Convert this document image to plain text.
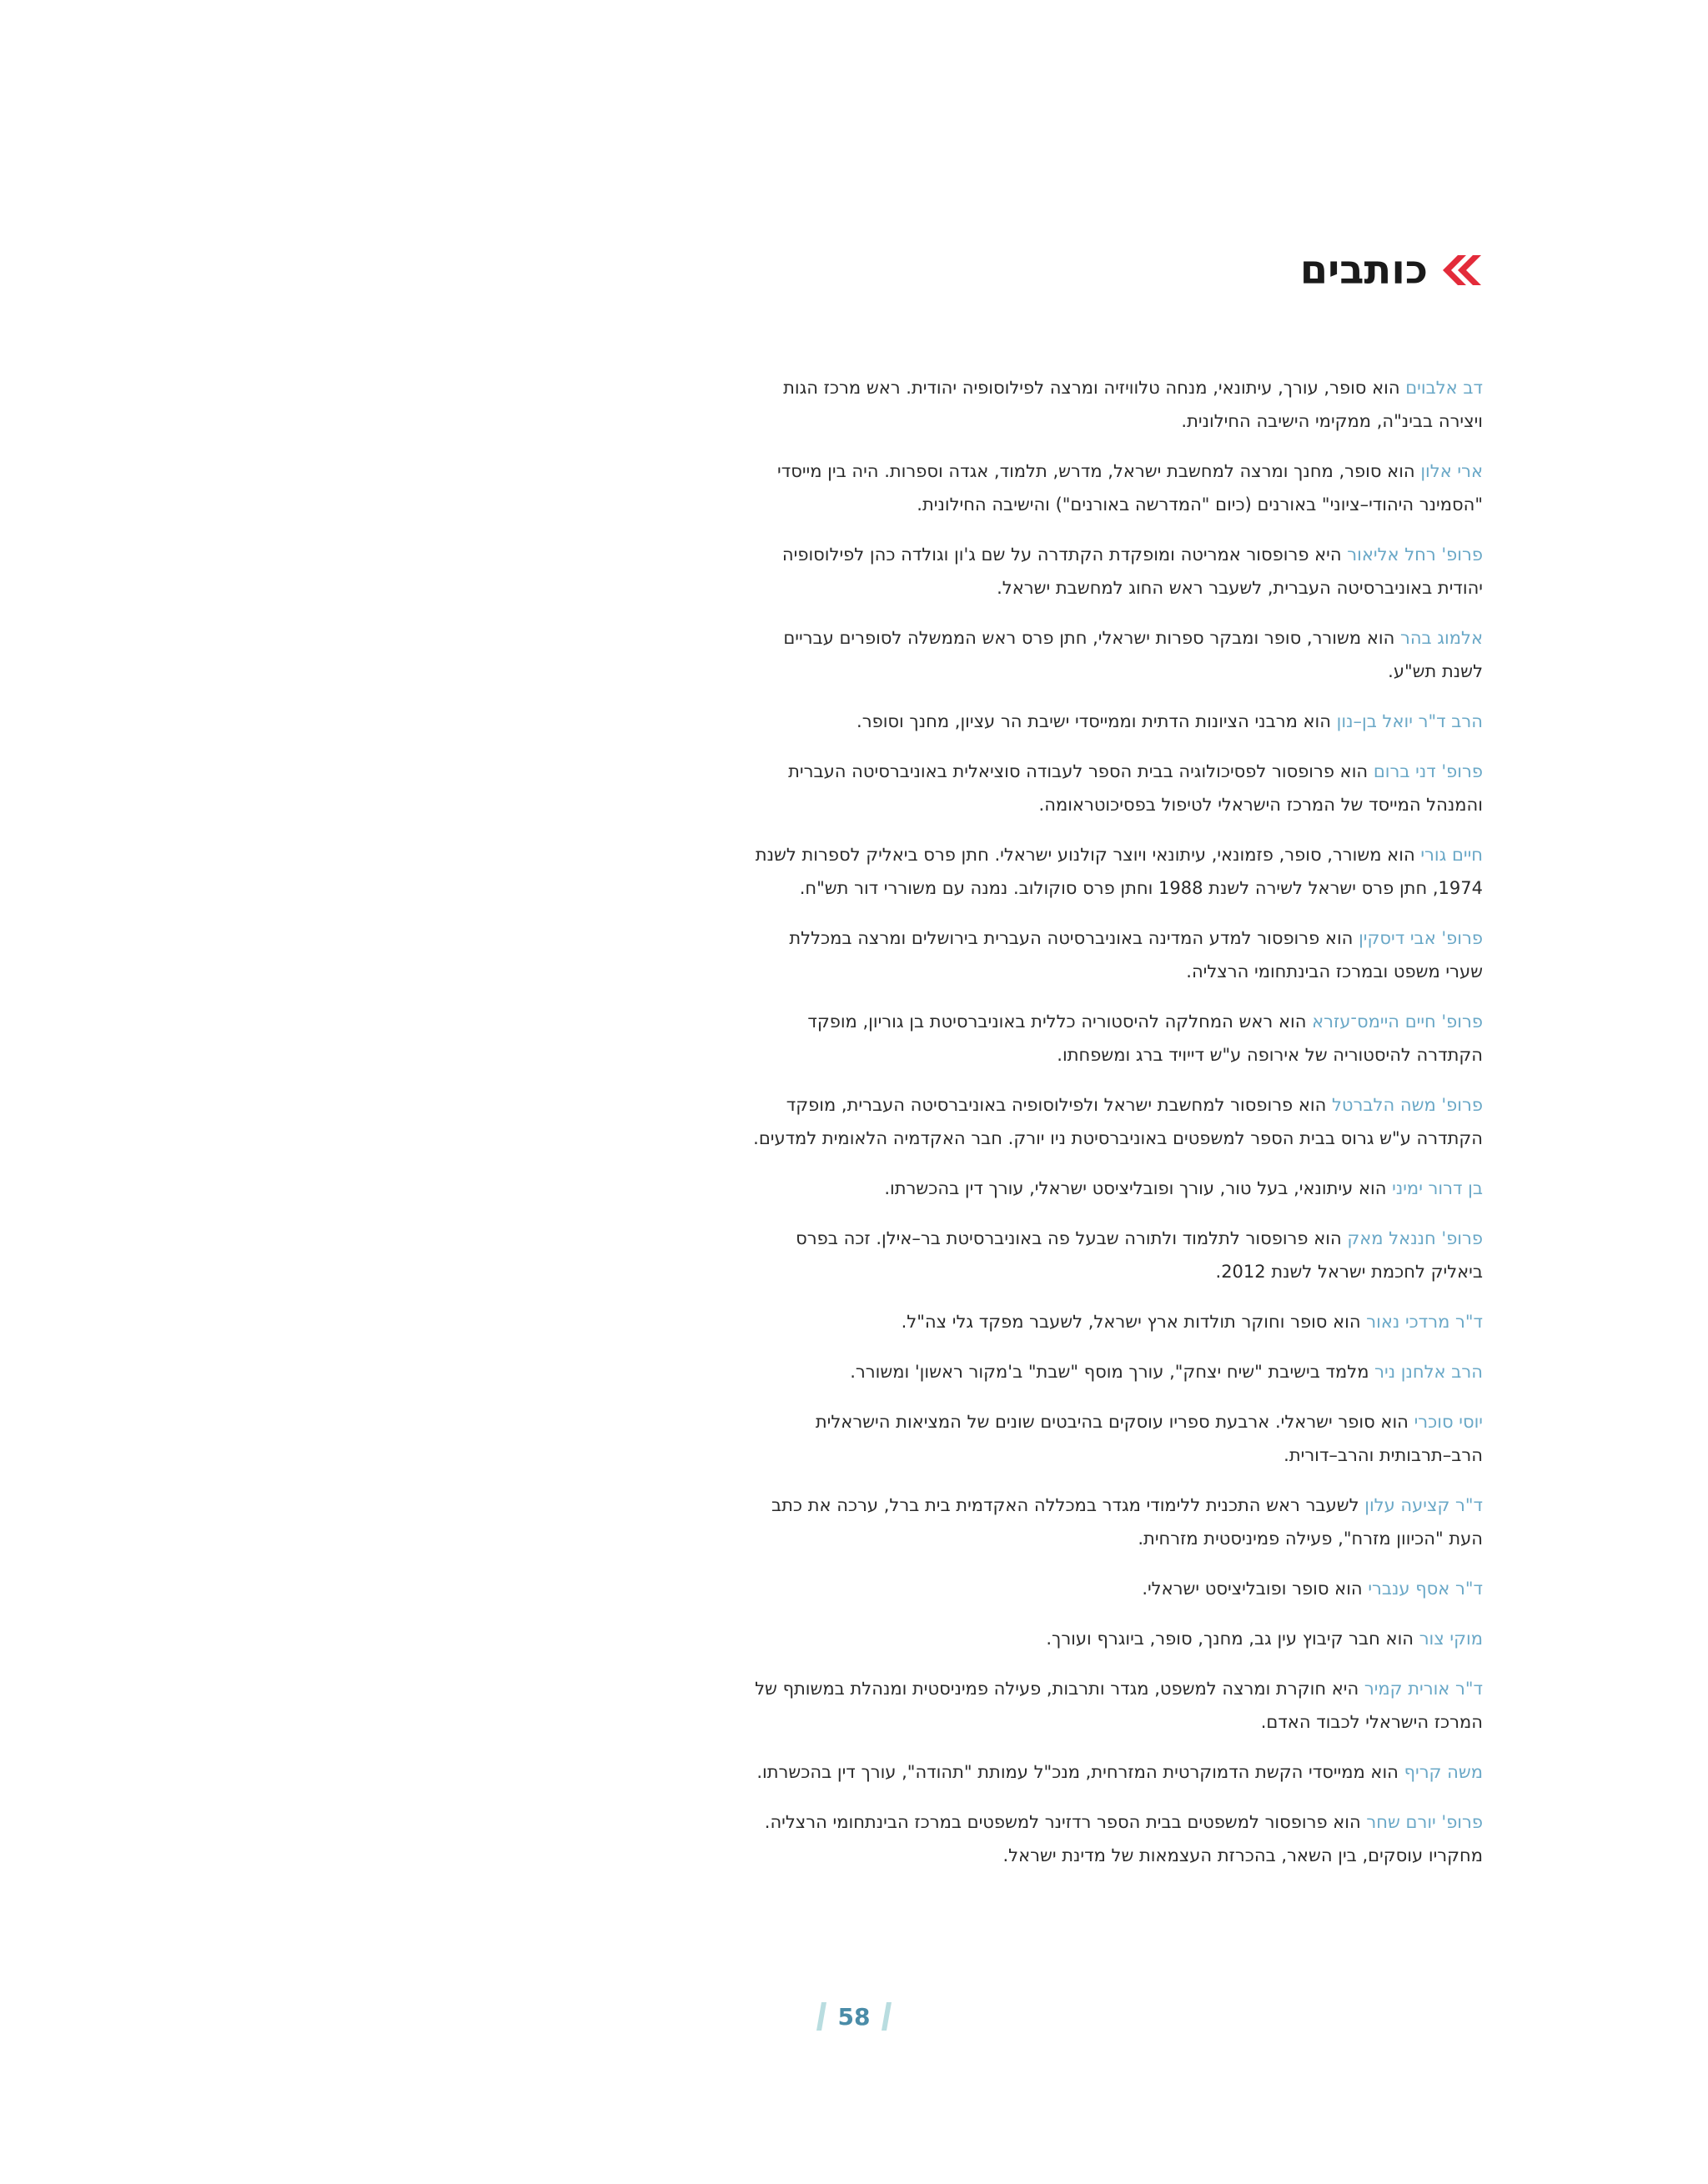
כותבים

דב אלבוים הוא סופר, עורך, עיתונאי, מנחה טלוויזיה ומרצה לפילוסופיה יהודית. ראש מרכז הגות ויצירה בבינ"ה, ממקימי הישיבה החילונית.

ארי אלון הוא סופר, מחנך ומרצה למחשבת ישראל, מדרש, תלמוד, אגדה וספרות. היה בין מייסדי "הסמינר היהודי–ציוני" באורנים (כיום "המדרשה באורנים") והישיבה החילונית.

פרופ' רחל אליאור היא פרופסור אמריטה ומופקדת הקתדרה על שם ג'ון וגולדה כהן לפילוסופיה יהודית באוניברסיטה העברית, לשעבר ראש החוג למחשבת ישראל.

אלמוג בהר הוא משורר, סופר ומבקר ספרות ישראלי, חתן פרס ראש הממשלה לסופרים עבריים לשנת תש"ע.

הרב ד"ר יואל בן–נון הוא מרבני הציונות הדתית וממייסדי ישיבת הר עציון, מחנך וסופר.

פרופ' דני ברום הוא פרופסור לפסיכולוגיה בבית הספר לעבודה סוציאלית באוניברסיטה העברית והמנהל המייסד של המרכז הישראלי לטיפול בפסיכוטראומה.

חיים גורי הוא משורר, סופר, פזמונאי, עיתונאי ויוצר קולנוע ישראלי. חתן פרס ביאליק לספרות לשנת 1974, חתן פרס ישראל לשירה לשנת 1988 וחתן פרס סוקולוב. נמנה עם משוררי דור תש"ח.

פרופ' אבי דיסקין הוא פרופסור למדע המדינה באוניברסיטה העברית בירושלים ומרצה במכללת שערי משפט ובמרכז הבינתחומי הרצליה.

פרופ' חיים היימס־עזרא הוא ראש המחלקה להיסטוריה כללית באוניברסיטת בן גוריון, מופקד הקתדרה להיסטוריה של אירופה ע"ש דייויד ברג ומשפחתו.

פרופ' משה הלברטל הוא פרופסור למחשבת ישראל ולפילוסופיה באוניברסיטה העברית, מופקד הקתדרה ע"ש גרוס בבית הספר למשפטים באוניברסיטת ניו יורק. חבר האקדמיה הלאומית למדעים.

בן דרור ימיני הוא עיתונאי, בעל טור, עורך ופובליציסט ישראלי, עורך דין בהכשרתו.

פרופ' חננאל מאק הוא פרופסור לתלמוד ולתורה שבעל פה באוניברסיטת בר–אילן. זכה בפרס ביאליק לחכמת ישראל לשנת 2012.

ד"ר מרדכי נאור הוא סופר וחוקר תולדות ארץ ישראל, לשעבר מפקד גלי צה"ל.

הרב אלחנן ניר מלמד בישיבת "שיח יצחק", עורך מוסף "שבת" ב'מקור ראשון' ומשורר.

יוסי סוכרי הוא סופר ישראלי. ארבעת ספריו עוסקים בהיבטים שונים של המציאות הישראלית הרב–תרבותית והרב–דורית.

ד"ר קציעה עלון לשעבר ראש התכנית ללימודי מגדר במכללה האקדמית בית ברל, ערכה את כתב העת "הכיוון מזרח", פעילה פמיניסטית מזרחית.

ד"ר אסף ענברי הוא סופר ופובליציסט ישראלי.

מוקי צור הוא חבר קיבוץ עין גב, מחנך, סופר, ביוגרף ועורך.

ד"ר אורית קמיר היא חוקרת ומרצה למשפט, מגדר ותרבות, פעילה פמיניסטית ומנהלת במשותף של המרכז הישראלי לכבוד האדם.

משה קריף הוא ממייסדי הקשת הדמוקרטית המזרחית, מנכ"ל עמותת "תהודה", עורך דין בהכשרתו.

פרופ' יורם שחר הוא פרופסור למשפטים בבית הספר רדזינר למשפטים במרכז הבינתחומי הרצליה. מחקריו עוסקים, בין השאר, בהכרזת העצמאות של מדינת ישראל.

58
